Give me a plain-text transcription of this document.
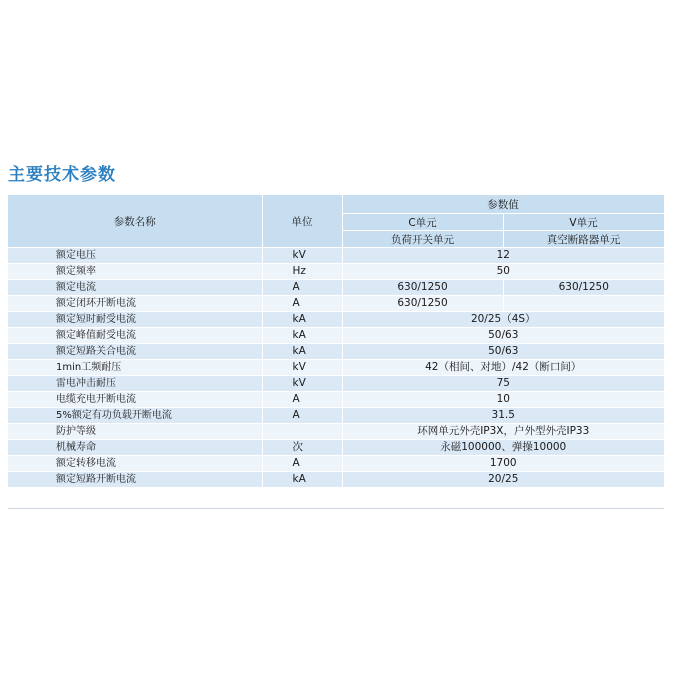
主要技术参数
参数名称	单位	参数值	
		C单元	V单元
		负荷开关单元	真空断路器单元
额定电压	kV	12	
额定频率	Hz	50	
额定电流	A	630/1250	630/1250
额定闭环开断电流	A	630/1250	
额定短时耐受电流	kA	20/25（4S）	
额定峰值耐受电流	kA	50/63	
额定短路关合电流	kA	50/63	
1min工频耐压	kV	42（相间、对地）/42（断口间）	
雷电冲击耐压	kV	75	
电缆充电开断电流	A	10	
5%额定有功负载开断电流	A	31.5	
防护等级		环网单元外壳IP3X，户外型外壳IP33	
机械寿命	次	永磁100000、弹操10000	
额定转移电流	A	1700	
额定短路开断电流	kA	20/25	
